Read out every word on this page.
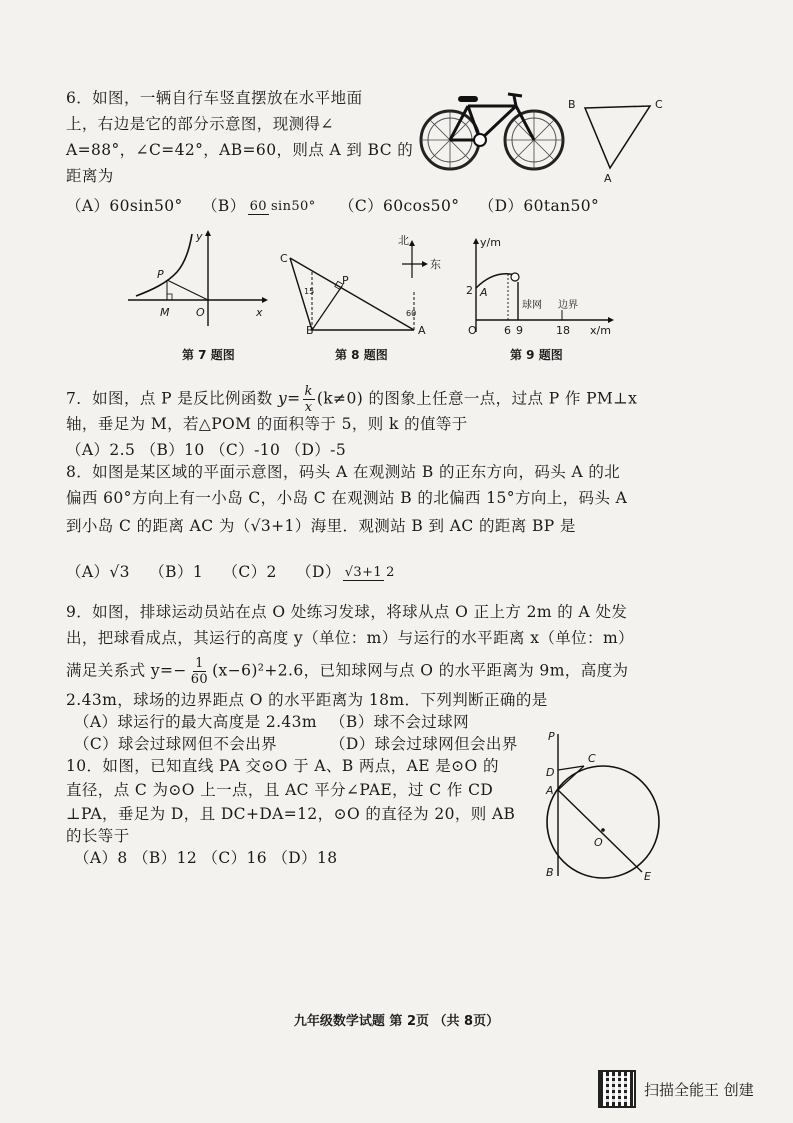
6．如图，一辆自行车竖直摆放在水平地面
上，右边是它的部分示意图，现测得∠
A=88°，∠C=42°，AB=60，则点 A 到 BC 的
距离为
（A）60sin50° （B） 60 sin50° （C）60cos50° （D）60tan50°
B	C
A
y
x
P
M O
第 7 题图
C
P
B	A
15
60
北
东
第 8 题图
y/m
x/m
A
2
O 6 9	18
球网 边界
第 9 题图
7．如图，点 P 是反比例函数 $y= \frac{k}{x} (k\ne 0)$ 的图象上任意一点，过点 P 作 PM⊥x
轴，垂足为 M，若△POM 的面积等于 5，则 k 的值等于
（A）2.5 （B）10 （C）-10 （D）-5
8．如图是某区域的平面示意图，码头 A 在观测站 B 的正东方向，码头 A 的北
偏西 60°方向上有一小岛 C，小岛 C 在观测站 B 的北偏西 15°方向上，码头 A
到小岛 C 的距离 AC 为（√3+1）海里．观测站 B 到 AC 的距离 BP 是
（A）√3 （B）1 （C）2 （D） √3+1 2
9．如图，排球运动员站在点 O 处练习发球，将球从点 O 正上方 2m 的 A 处发
出，把球看成点，其运行的高度 y（单位：m）与运行的水平距离 x（单位：m）
满足关系式 $y=- \frac{1}{60} (x-6)^2+2.6$，已知球网与点 O 的水平距离为 9m，高度为
2.43m，球场的边界距点 O 的水平距离为 18m．下列判断正确的是
（A）球运行的最大高度是 2.43m （B）球不会过球网
（C）球会过球网但不会出界	（D）球会过球网但会出界
10．如图，已知直线 PA 交⊙O 于 A、B 两点，AE 是⊙O 的
直径，点 C 为⊙O 上一点，且 AC 平分∠PAE，过 C 作 CD
⊥PA，垂足为 D，且 DC+DA=12，⊙O 的直径为 20，则 AB
的长等于
（A）8 （B）12 （C）16 （D）18
P
D
C
A
O
B	E
九年级数学试题 第 2页 （共 8页）
扫描全能王 创建
